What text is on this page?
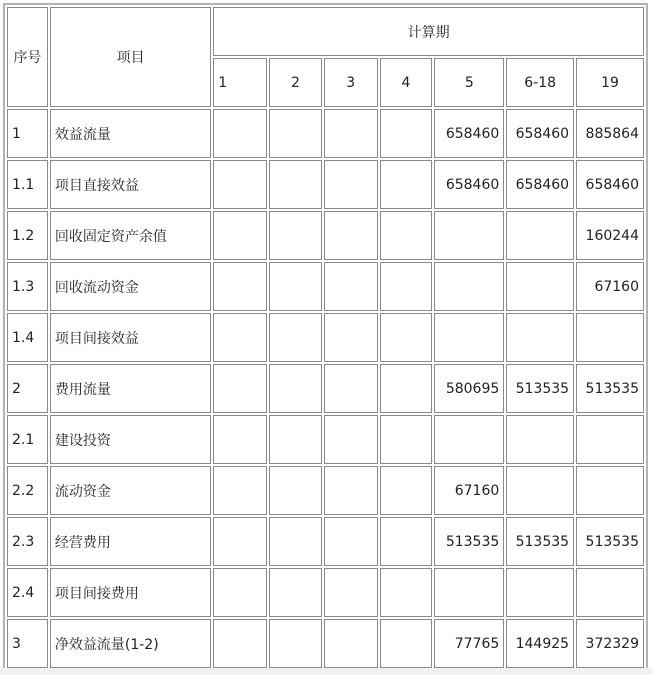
序号	项目	计算期						
		1	2	3	4	5	6-18	19
1	效益流量					658460	658460	885864
1.1	项目直接效益					658460	658460	658460
1.2	回收固定资产余值							160244
1.3	回收流动资金							67160
1.4	项目间接效益							
2	费用流量					580695	513535	513535
2.1	建设投资							
2.2	流动资金					67160		
2.3	经营费用					513535	513535	513535
2.4	项目间接费用							
3	净效益流量(1-2)					77765	144925	372329
